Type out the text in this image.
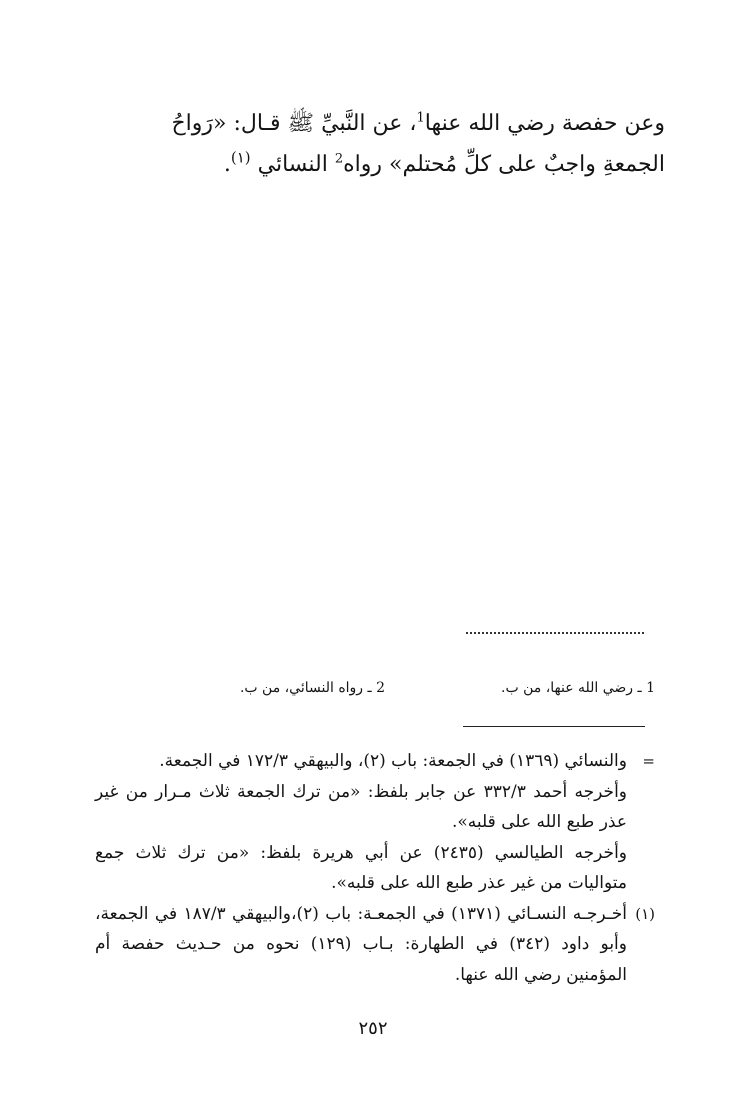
وعن حفصة رضي الله عنها$^1$، عن النَّبيِّ ﷺ قـال: «رَواحُ الجمعةِ واجبٌ على كلِّ مُحتلم» رواه$^2$ النسائي $^{(١)}$.

1 ـ رضي الله عنها، من ب.
2 ـ رواه النسائي، من ب.
=

والنسائي (١٣٦٩) في الجمعة: باب (٢)، والبيهقي ١٧٢/٣ في الجمعة.

وأخرجه أحمد ٣٣٢/٣ عن جابر بلفظ: «من ترك الجمعة ثلاث مـرار من غير عذر طبع الله على قلبه».

وأخرجه الطيالسي (٢٤٣٥) عن أبي هريرة بلفظ: «من ترك ثلاث جمع متواليات من غير عذر طبع الله على قلبه».

(١)

أخـرجـه النسـائي (١٣٧١) في الجمعـة: باب (٢)،والبيهقي ١٨٧/٣ في الجمعة، وأبو داود (٣٤٢) في الطهارة: بـاب (١٢٩) نحوه من حـديث حفصة أم المؤمنين رضي الله عنها.

٢٥٢
